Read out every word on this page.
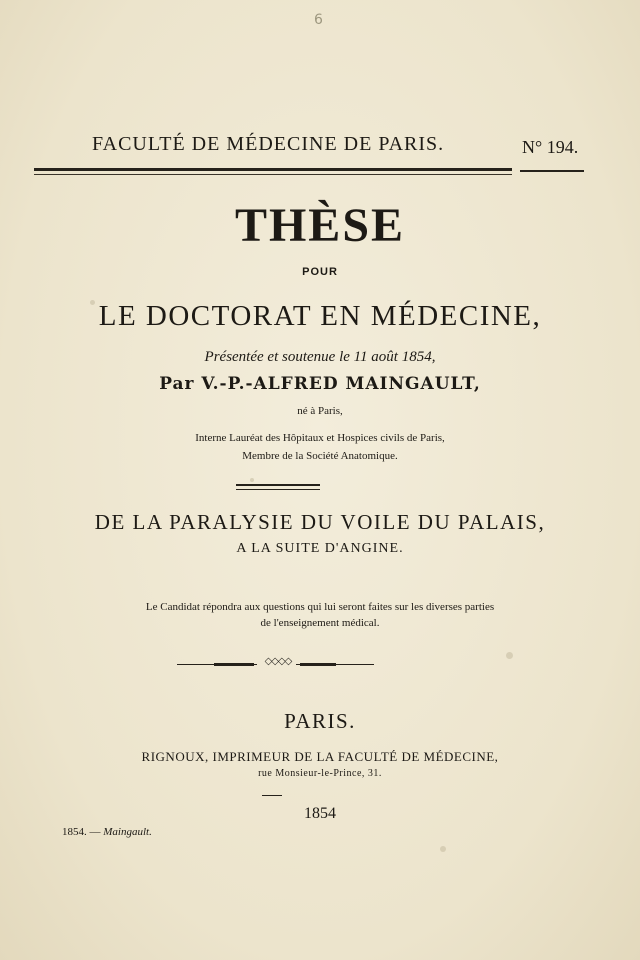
6
FACULTÉ DE MÉDECINE DE PARIS.	N° 194.
THÈSE
POUR
LE DOCTORAT EN MÉDECINE,
Présentée et soutenue le 11 août 1854,
Par V.-P.-ALFRED MAINGAULT,
né à Paris,
Interne Lauréat des Hôpitaux et Hospices civils de Paris,
Membre de la Société Anatomique.
DE LA PARALYSIE DU VOILE DU PALAIS,
A LA SUITE D'ANGINE.
Le Candidat répondra aux questions qui lui seront faites sur les diverses parties
de l'enseignement médical.
◇◇◇◇
PARIS.
RIGNOUX, IMPRIMEUR DE LA FACULTÉ DE MÉDECINE,
rue Monsieur-le-Prince, 31.
1854
1854. — Maingault.
